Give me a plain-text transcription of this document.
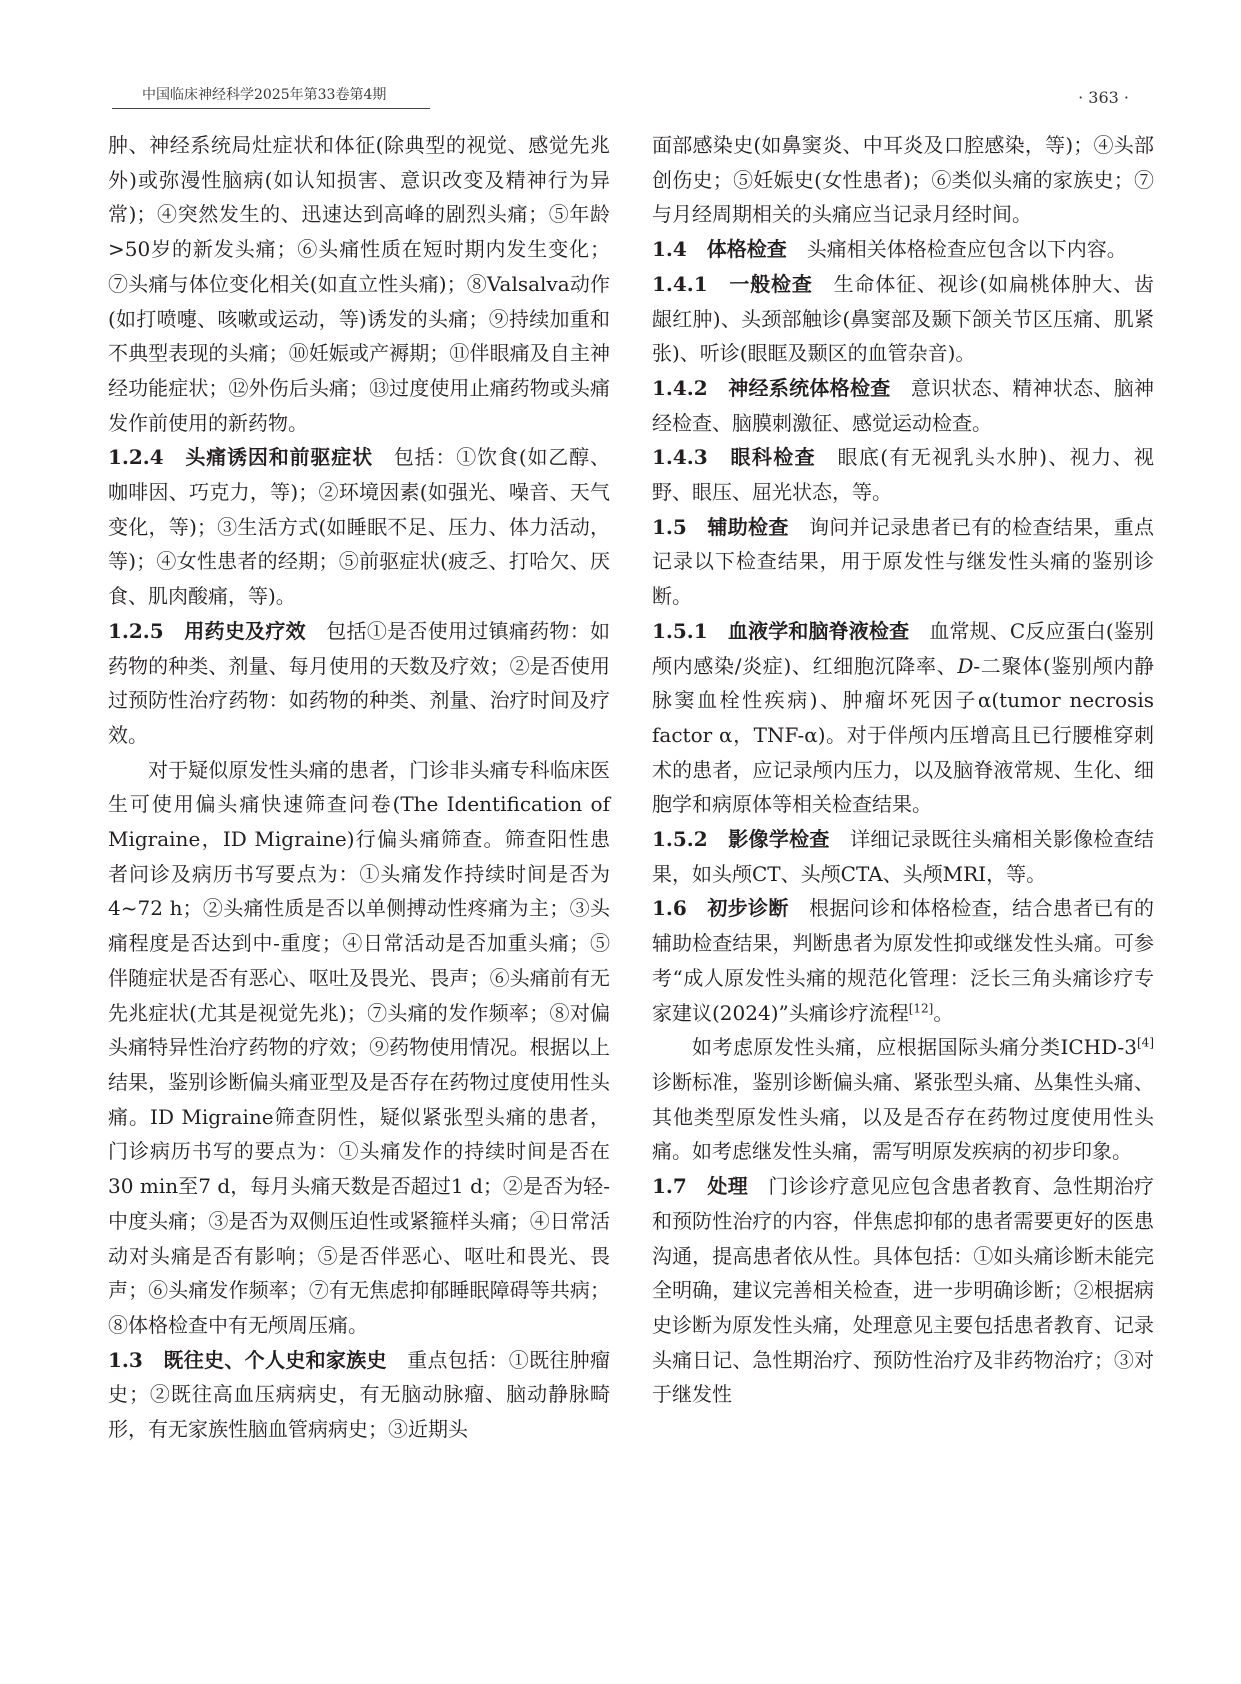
中国临床神经科学2025年第33卷第4期	· 363 ·

肿、神经系统局灶症状和体征(除典型的视觉、感觉先兆外)或弥漫性脑病(如认知损害、意识改变及精神行为异常)；④突然发生的、迅速达到高峰的剧烈头痛；⑤年龄>50岁的新发头痛；⑥头痛性质在短时期内发生变化；⑦头痛与体位变化相关(如直立性头痛)；⑧Valsalva动作(如打喷嚏、咳嗽或运动，等)诱发的头痛；⑨持续加重和不典型表现的头痛；⑩妊娠或产褥期；⑪伴眼痛及自主神经功能症状；⑫外伤后头痛；⑬过度使用止痛药物或头痛发作前使用的新药物。

1.2.4　头痛诱因和前驱症状　包括：①饮食(如乙醇、咖啡因、巧克力，等)；②环境因素(如强光、噪音、天气变化，等)；③生活方式(如睡眠不足、压力、体力活动，等)；④女性患者的经期；⑤前驱症状(疲乏、打哈欠、厌食、肌肉酸痛，等)。

1.2.5　用药史及疗效　包括①是否使用过镇痛药物：如药物的种类、剂量、每月使用的天数及疗效；②是否使用过预防性治疗药物：如药物的种类、剂量、治疗时间及疗效。

对于疑似原发性头痛的患者，门诊非头痛专科临床医生可使用偏头痛快速筛查问卷(The Identification of Migraine，ID Migraine)行偏头痛筛查。筛查阳性患者问诊及病历书写要点为：①头痛发作持续时间是否为4~72 h；②头痛性质是否以单侧搏动性疼痛为主；③头痛程度是否达到中-重度；④日常活动是否加重头痛；⑤伴随症状是否有恶心、呕吐及畏光、畏声；⑥头痛前有无先兆症状(尤其是视觉先兆)；⑦头痛的发作频率；⑧对偏头痛特异性治疗药物的疗效；⑨药物使用情况。根据以上结果，鉴别诊断偏头痛亚型及是否存在药物过度使用性头痛。ID Migraine筛查阴性，疑似紧张型头痛的患者，门诊病历书写的要点为：①头痛发作的持续时间是否在30 min至7 d，每月头痛天数是否超过1 d；②是否为轻-中度头痛；③是否为双侧压迫性或紧箍样头痛；④日常活动对头痛是否有影响；⑤是否伴恶心、呕吐和畏光、畏声；⑥头痛发作频率；⑦有无焦虑抑郁睡眠障碍等共病；⑧体格检查中有无颅周压痛。

1.3　既往史、个人史和家族史　重点包括：①既往肿瘤史；②既往高血压病病史，有无脑动脉瘤、脑动静脉畸形，有无家族性脑血管病病史；③近期头

面部感染史(如鼻窦炎、中耳炎及口腔感染，等)；④头部创伤史；⑤妊娠史(女性患者)；⑥类似头痛的家族史；⑦与月经周期相关的头痛应当记录月经时间。

1.4　体格检查　头痛相关体格检查应包含以下内容。

1.4.1　一般检查　生命体征、视诊(如扁桃体肿大、齿龈红肿)、头颈部触诊(鼻窦部及颞下颌关节区压痛、肌紧张)、听诊(眼眶及颞区的血管杂音)。

1.4.2　神经系统体格检查　意识状态、精神状态、脑神经检查、脑膜刺激征、感觉运动检查。

1.4.3　眼科检查　眼底(有无视乳头水肿)、视力、视野、眼压、屈光状态，等。

1.5　辅助检查　询问并记录患者已有的检查结果，重点记录以下检查结果，用于原发性与继发性头痛的鉴别诊断。

1.5.1　血液学和脑脊液检查　血常规、C反应蛋白(鉴别颅内感染/炎症)、红细胞沉降率、D-二聚体(鉴别颅内静脉窦血栓性疾病)、肿瘤坏死因子α(tumor necrosis factor α，TNF-α)。对于伴颅内压增高且已行腰椎穿刺术的患者，应记录颅内压力，以及脑脊液常规、生化、细胞学和病原体等相关检查结果。

1.5.2　影像学检查　详细记录既往头痛相关影像检查结果，如头颅CT、头颅CTA、头颅MRI，等。

1.6　初步诊断　根据问诊和体格检查，结合患者已有的辅助检查结果，判断患者为原发性抑或继发性头痛。可参考“成人原发性头痛的规范化管理：泛长三角头痛诊疗专家建议(2024)”头痛诊疗流程[12]。

如考虑原发性头痛，应根据国际头痛分类ICHD-3[4]诊断标准，鉴别诊断偏头痛、紧张型头痛、丛集性头痛、其他类型原发性头痛，以及是否存在药物过度使用性头痛。如考虑继发性头痛，需写明原发疾病的初步印象。

1.7　处理　门诊诊疗意见应包含患者教育、急性期治疗和预防性治疗的内容，伴焦虑抑郁的患者需要更好的医患沟通，提高患者依从性。具体包括：①如头痛诊断未能完全明确，建议完善相关检查，进一步明确诊断；②根据病史诊断为原发性头痛，处理意见主要包括患者教育、记录头痛日记、急性期治疗、预防性治疗及非药物治疗；③对于继发性
